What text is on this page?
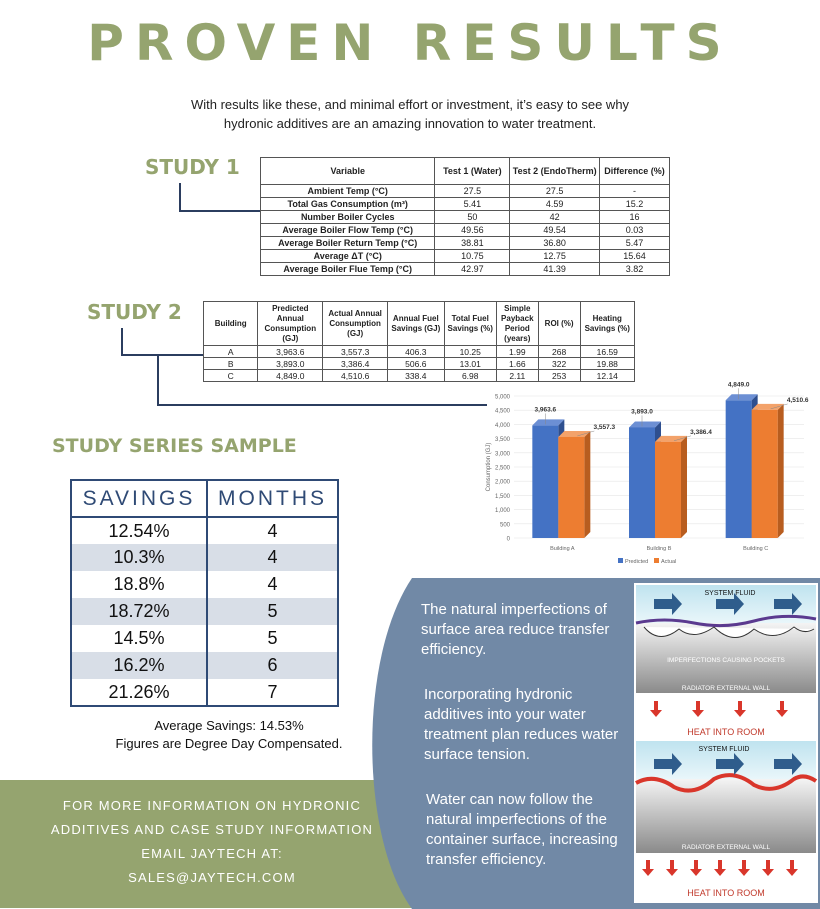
PROVEN RESULTS
With results like these, and minimal effort or investment, it’s easy to see why
hydronic additives are an amazing innovation to water treatment.
STUDY 1	Variable	Test 1 (Water)	Test 2 (EndoTherm)	Difference (%)
Ambient Temp (°C)	27.5	27.5	-
Total Gas Consumption (m³)	5.41	4.59	15.2
Number Boiler Cycles	50	42	16
Average Boiler Flow Temp (°C)	49.56	49.54	0.03
Average Boiler Return Temp (°C)	38.81	36.80	5.47
Average ΔT (°C)	10.75	12.75	15.64
Average Boiler Flue Temp (°C)	42.97	41.39	3.82
STUDY 2	Building	Predicted Annual Consumption (GJ)	Actual Annual Consumption (GJ)	Annual Fuel Savings (GJ)	Total Fuel Savings (%)	Simple Payback Period (years)	ROI (%)	Heating Savings (%)
A	3,963.6	3,557.3	406.3	10.25	1.99	268	16.59
B	3,893.0	3,386.4	506.6	13.01	1.66	322	19.88
C	4,849.0	4,510.6	338.4	6.98	2.11	253	12.14
0
500
1,000
1,500
2,000
2,500
3,000
3,500
4,000
4,500
5,000
Consumption (GJ)
3,963.6
3,557.3
Building A
3,893.0
3,386.4
Building B
4,849.0
4,510.6
Building C
Predicted Actual
STUDY SERIES SAMPLE
SAVINGS	MONTHS
12.54%	4
10.3%	4
18.8%	4
18.72%	5
14.5%	5
16.2%	6
21.26%	7
Average Savings: 14.53%
Figures are Degree Day Compensated.
FOR MORE INFORMATION ON HYDRONIC
ADDITIVES AND CASE STUDY INFORMATION
EMAIL JAYTECH AT:
SALES@JAYTECH.COM
The natural imperfections of surface area reduce transfer efficiency.
Incorporating hydronic additives into your water treatment plan reduces water surface tension.
Water can now follow the natural imperfections of the container surface, increasing transfer efficiency.
SYSTEM FLUID
IMPERFECTIONS CAUSING POCKETS
RADIATOR EXTERNAL WALL
HEAT INTO ROOM
SYSTEM FLUID
RADIATOR EXTERNAL WALL
HEAT INTO ROOM
